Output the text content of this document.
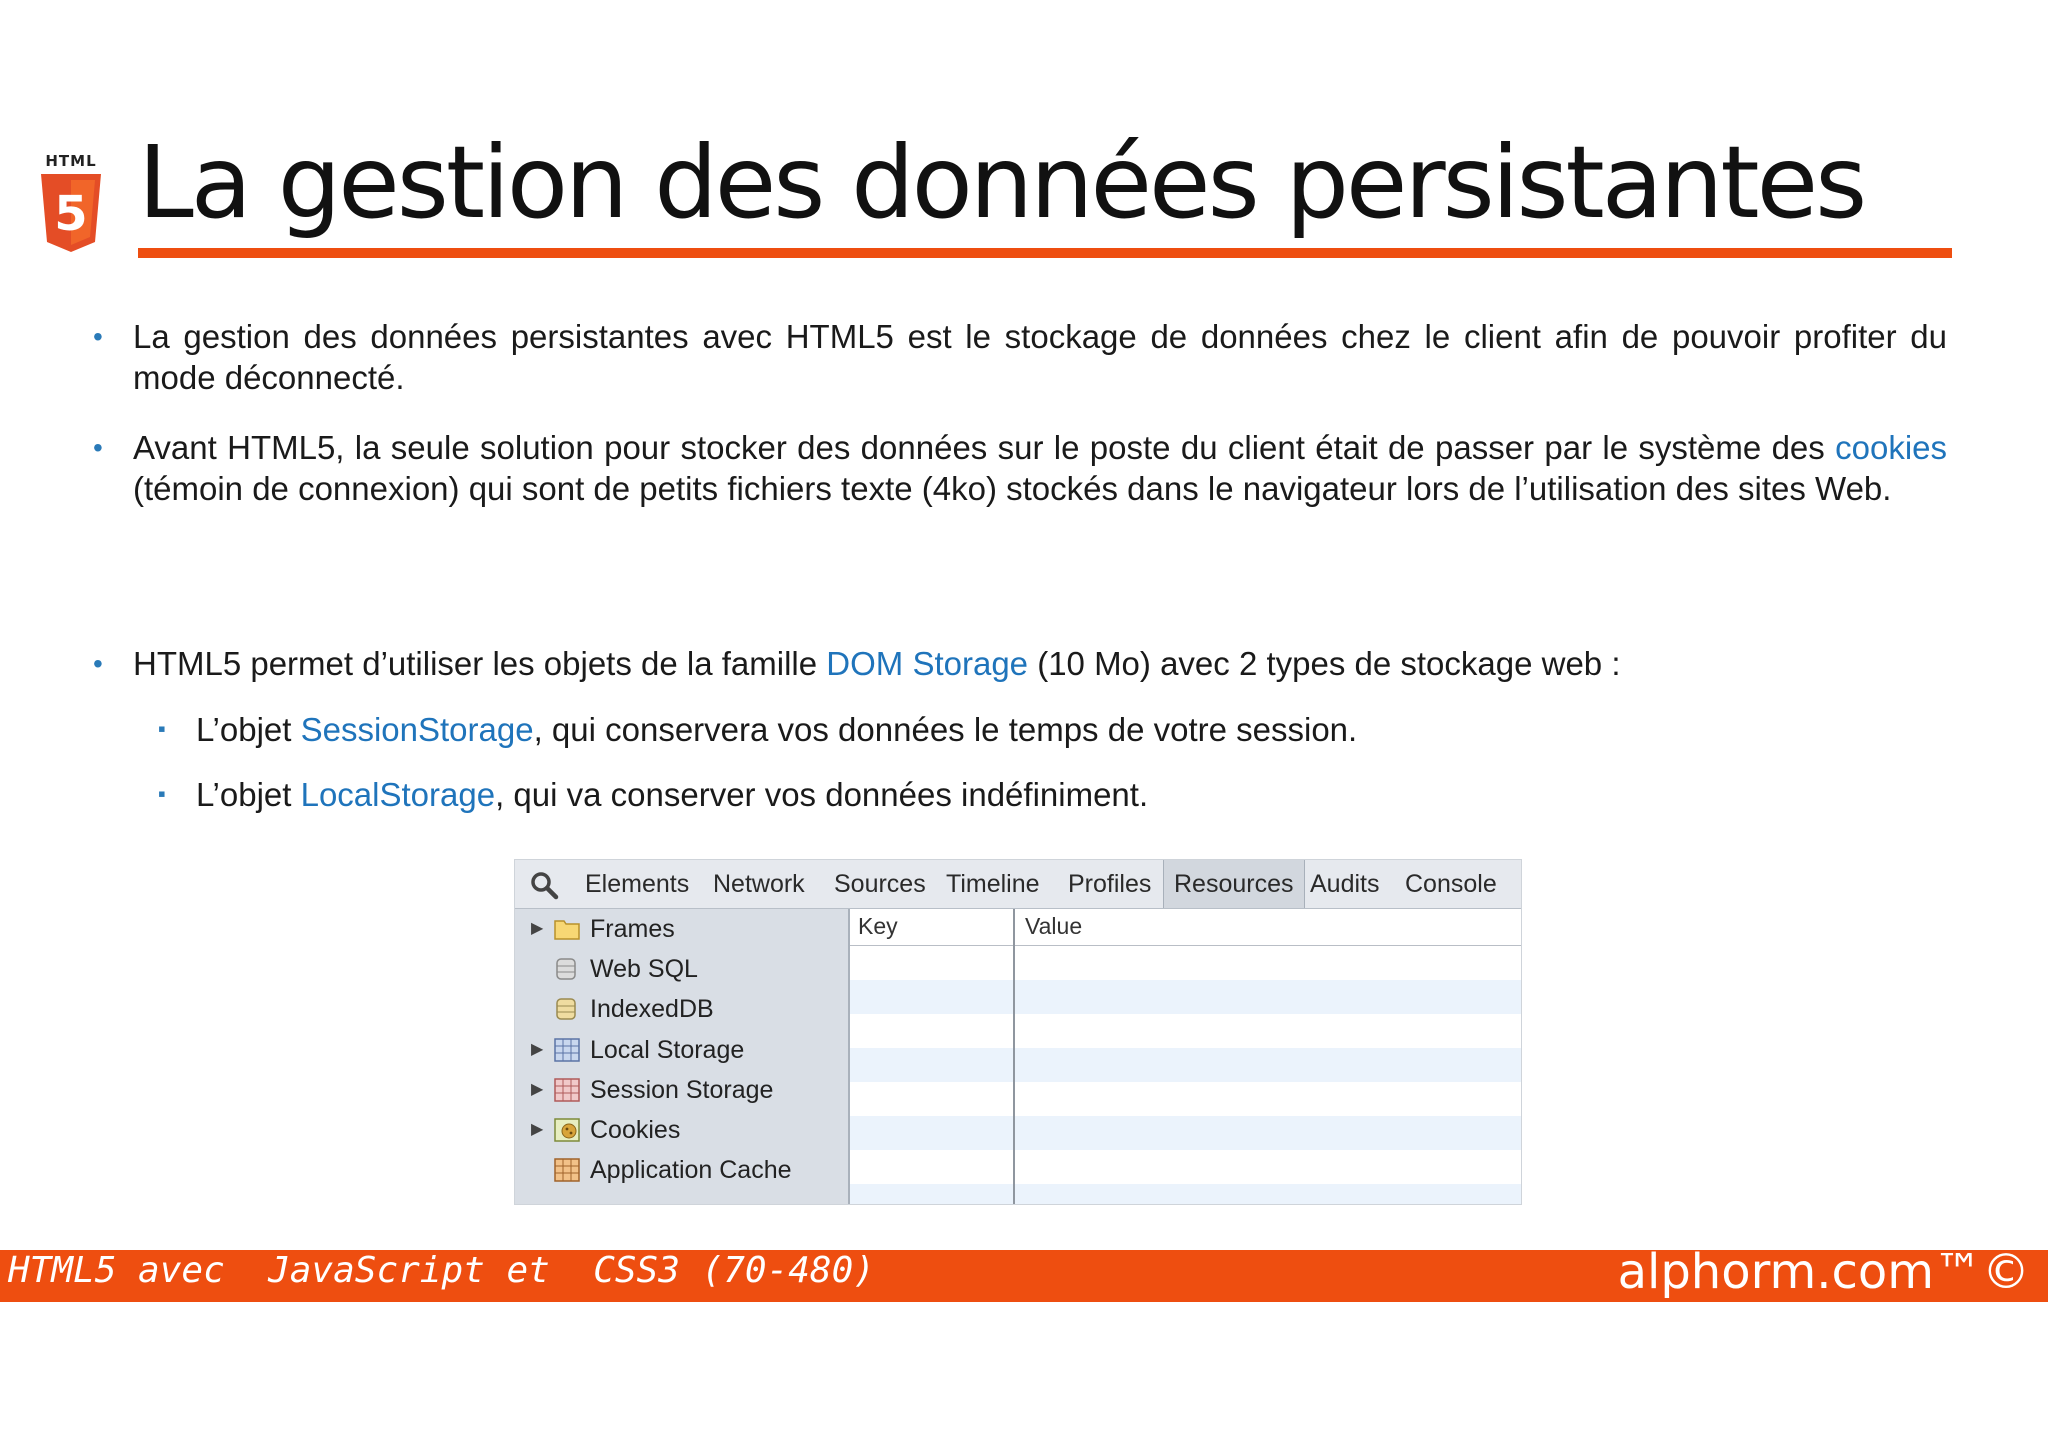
HTML
5 La gestion des données persistantes
• La gestion des données persistantes avec HTML5 est le stockage de données chez le client afin de pouvoir profiter du mode déconnecté.
• Avant HTML5, la seule solution pour stocker des données sur le poste du client était de passer par le système des cookies (témoin de connexion) qui sont de petits fichiers texte (4ko) stockés dans le navigateur lors de l’utilisation des sites Web.
• HTML5 permet d’utiliser les objets de la famille DOM Storage (10 Mo) avec 2 types de stockage web :
▪ L’objet SessionStorage, qui conservera vos données le temps de votre session.
▪ L’objet LocalStorage, qui va conserver vos données indéfiniment.
Elements Network	Sources Timeline	Profiles Resources Audits	Console
▶ Frames
Web SQL
IndexedDB
▶ Local Storage
▶ Session Storage
▶ Cookies
Application Cache
Key	Value
HTML5 avec  JavaScript et  CSS3 (70-480)	alphorm.com™©
